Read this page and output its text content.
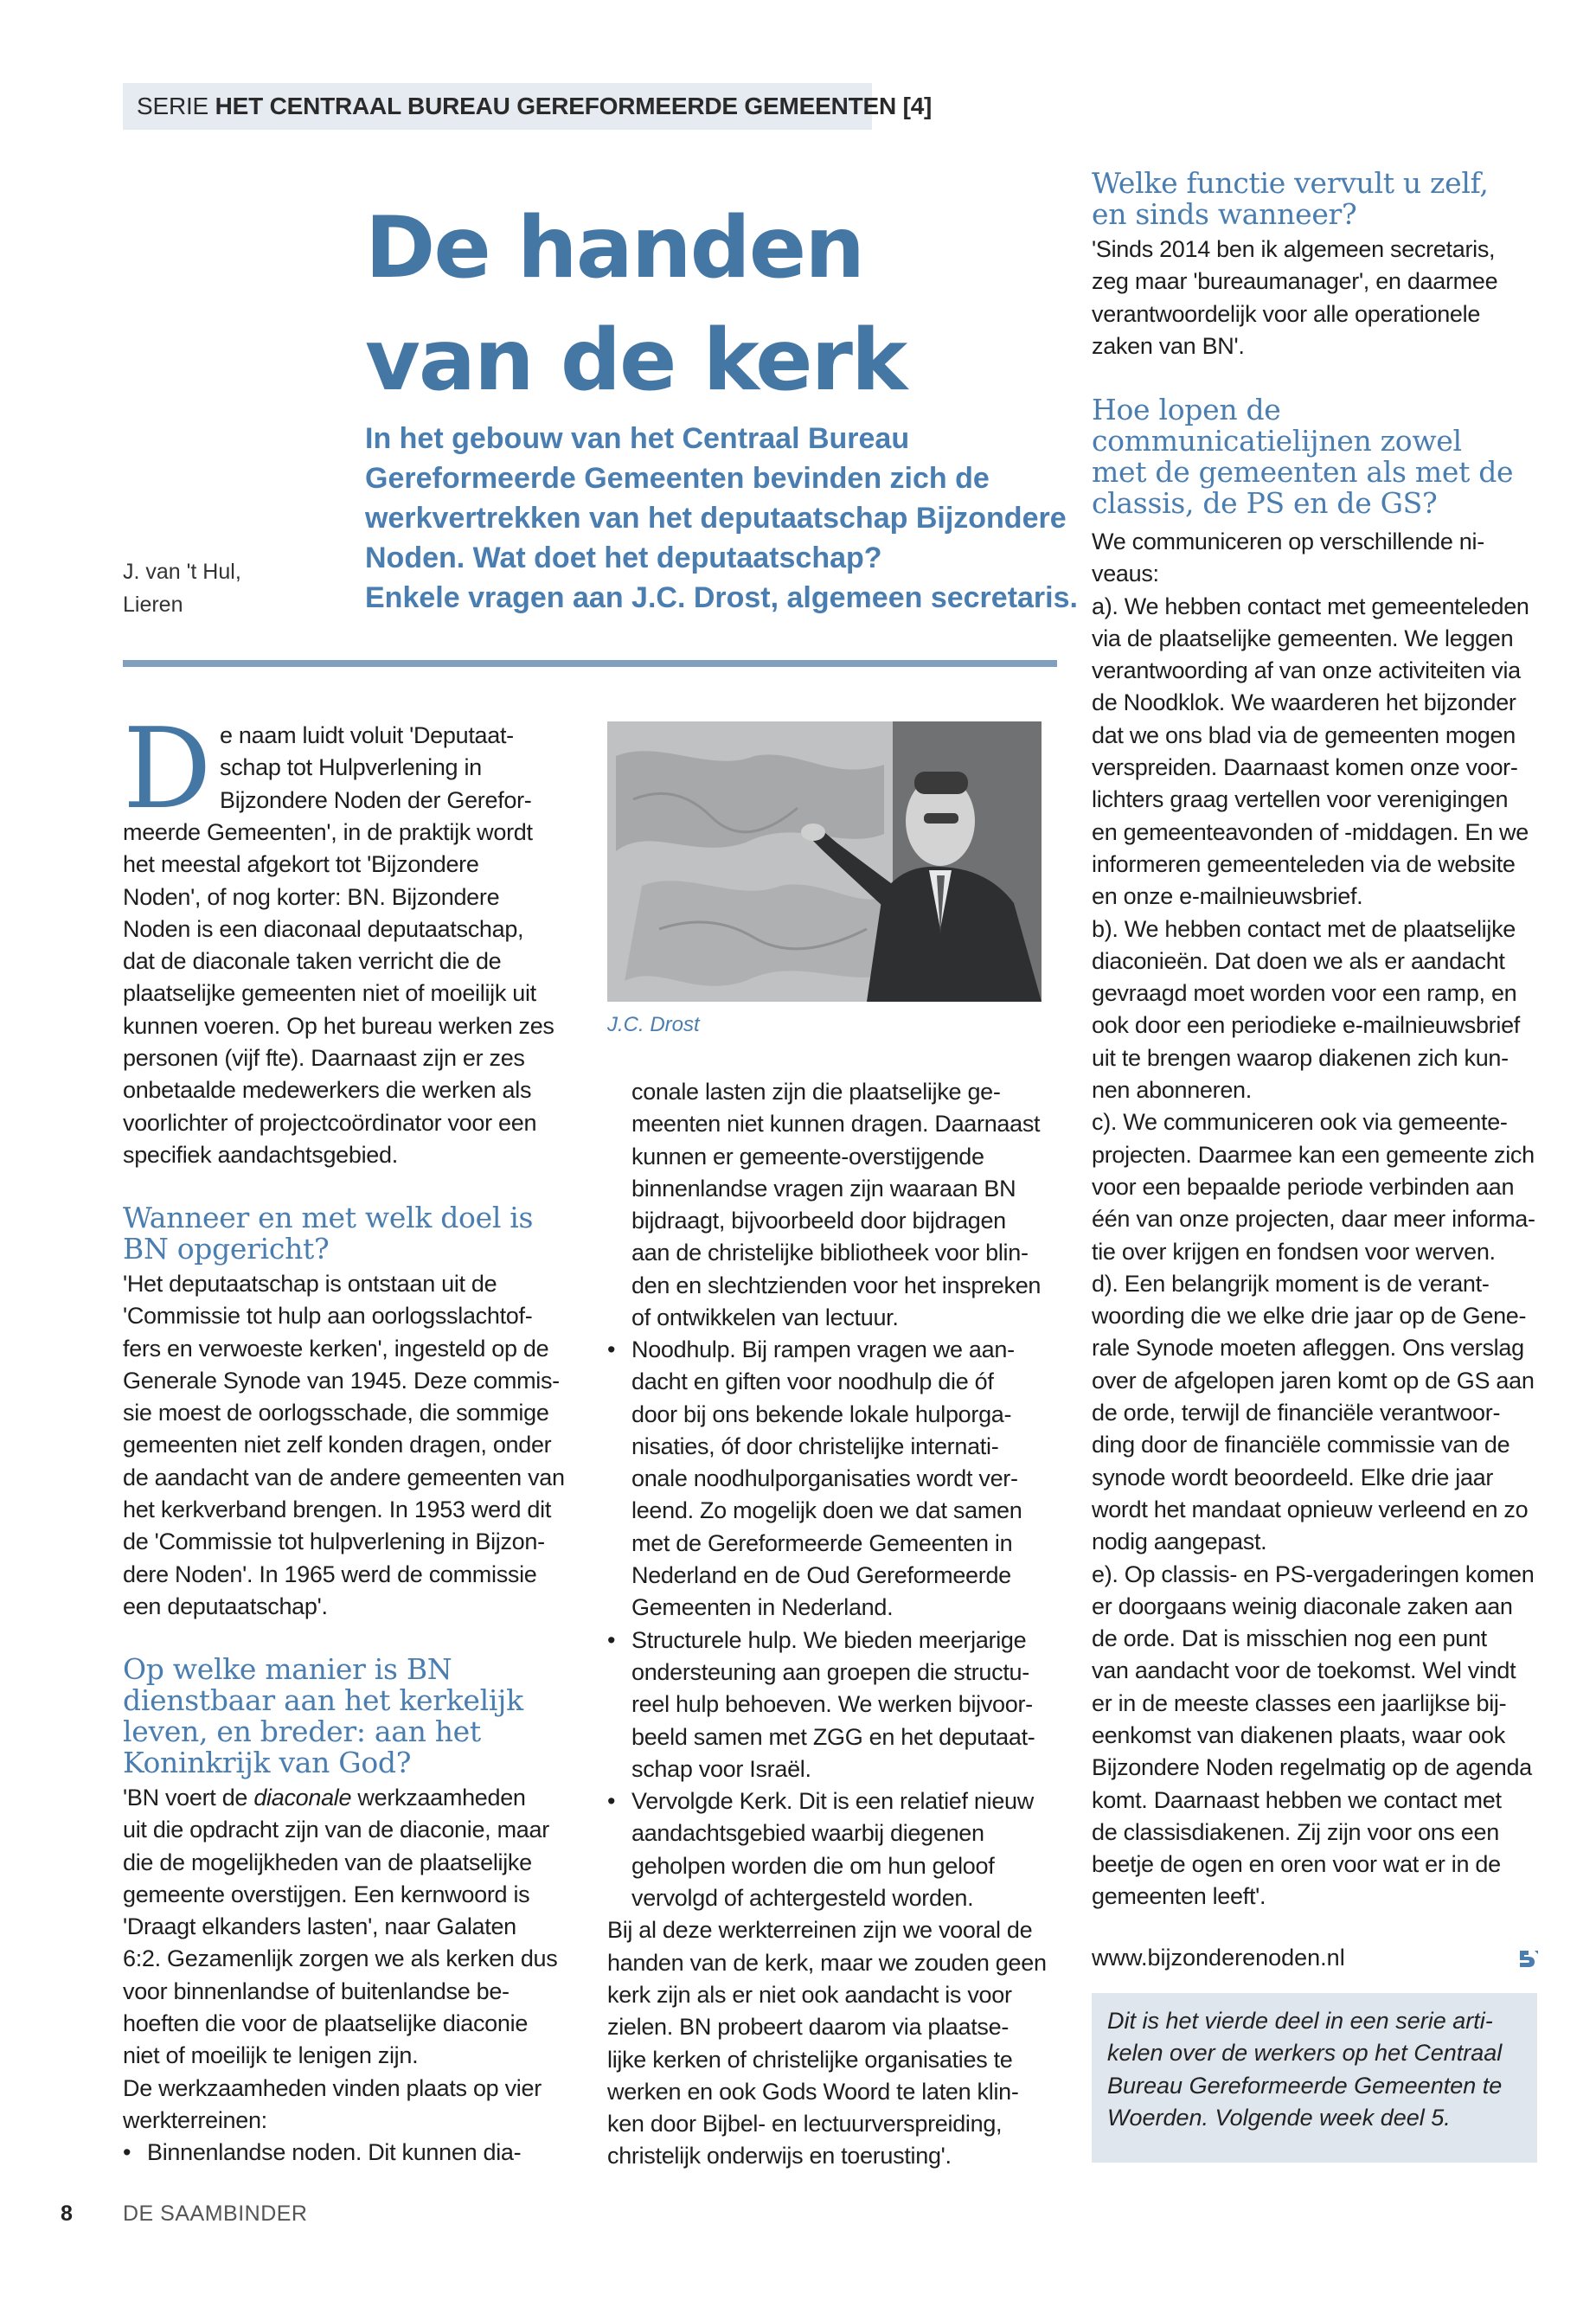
SERIE HET CENTRAAL BUREAU GEREFORMEERDE GEMEENTEN [4]
De handen
van de kerk
In het gebouw van het Centraal Bureau
Gereformeerde Gemeenten bevinden zich de
werkvertrekken van het deputaatschap Bijzondere
Noden. Wat doet het deputaatschap?
Enkele vragen aan J.C. Drost, algemeen secretaris.
J. van 't Hul,
Lieren
D e naam luidt voluit 'Deputaat-
schap tot Hulpverlening in
Bijzondere Noden der Gerefor-
meerde Gemeenten', in de praktijk wordt
het meestal afgekort tot 'Bijzondere
Noden', of nog korter: BN. Bijzondere
Noden is een diaconaal deputaatschap,
dat de diaconale taken verricht die de
plaatselijke gemeenten niet of moeilijk uit
kunnen voeren. Op het bureau werken zes
personen (vijf fte). Daarnaast zijn er zes
onbetaalde medewerkers die werken als
voorlichter of projectcoördinator voor een
specifiek aandachtsgebied.
Wanneer en met welk doel is
BN opgericht?
'Het deputaatschap is ontstaan uit de
'Commissie tot hulp aan oorlogsslachtof-
fers en verwoeste kerken', ingesteld op de
Generale Synode van 1945. Deze commis-
sie moest de oorlogsschade, die sommige
gemeenten niet zelf konden dragen, onder
de aandacht van de andere gemeenten van
het kerkverband brengen. In 1953 werd dit
de 'Commissie tot hulpverlening in Bijzon-
dere Noden'. In 1965 werd de commissie
een deputaatschap'.
Op welke manier is BN
dienstbaar aan het kerkelijk
leven, en breder: aan het
Koninkrijk van God?
'BN voert de diaconale werkzaamheden
uit die opdracht zijn van de diaconie, maar
die de mogelijkheden van de plaatselijke
gemeente overstijgen. Een kernwoord is
'Draagt elkanders lasten', naar Galaten
6:2. Gezamenlijk zorgen we als kerken dus
voor binnenlandse of buitenlandse be-
hoeften die voor de plaatselijke diaconie
niet of moeilijk te lenigen zijn.
De werkzaamheden vinden plaats op vier
werkterreinen:
• Binnenlandse noden. Dit kunnen dia-
J.C. Drost
conale lasten zijn die plaatselijke ge-
meenten niet kunnen dragen. Daarnaast
kunnen er gemeente-overstijgende
binnenlandse vragen zijn waaraan BN
bijdraagt, bijvoorbeeld door bijdragen
aan de christelijke bibliotheek voor blin-
den en slechtzienden voor het inspreken
of ontwikkelen van lectuur.
• Noodhulp. Bij rampen vragen we aan-
dacht en giften voor noodhulp die óf
door bij ons bekende lokale hulporga-
nisaties, óf door christelijke internati-
onale noodhulporganisaties wordt ver-
leend. Zo mogelijk doen we dat samen
met de Gereformeerde Gemeenten in
Nederland en de Oud Gereformeerde
Gemeenten in Nederland.
• Structurele hulp. We bieden meerjarige
ondersteuning aan groepen die structu-
reel hulp behoeven. We werken bijvoor-
beeld samen met ZGG en het deputaat-
schap voor Israël.
• Vervolgde Kerk. Dit is een relatief nieuw
aandachtsgebied waarbij diegenen
geholpen worden die om hun geloof
vervolgd of achtergesteld worden.
Bij al deze werkterreinen zijn we vooral de
handen van de kerk, maar we zouden geen
kerk zijn als er niet ook aandacht is voor
zielen. BN probeert daarom via plaatse-
lijke kerken of christelijke organisaties te
werken en ook Gods Woord te laten klin-
ken door Bijbel- en lectuurverspreiding,
christelijk onderwijs en toerusting'.
Welke functie vervult u zelf,
en sinds wanneer?
'Sinds 2014 ben ik algemeen secretaris,
zeg maar 'bureaumanager', en daarmee
verantwoordelijk voor alle operationele
zaken van BN'.
Hoe lopen de
communicatielijnen zowel
met de gemeenten als met de
classis, de PS en de GS?
We communiceren op verschillende ni-
veaus:
a). We hebben contact met gemeenteleden
via de plaatselijke gemeenten. We leggen
verantwoording af van onze activiteiten via
de Noodklok. We waarderen het bijzonder
dat we ons blad via de gemeenten mogen
verspreiden. Daarnaast komen onze voor-
lichters graag vertellen voor verenigingen
en gemeenteavonden of -middagen. En we
informeren gemeenteleden via de website
en onze e-mailnieuwsbrief.
b). We hebben contact met de plaatselijke
diaconieën. Dat doen we als er aandacht
gevraagd moet worden voor een ramp, en
ook door een periodieke e-mailnieuwsbrief
uit te brengen waarop diakenen zich kun-
nen abonneren.
c). We communiceren ook via gemeente-
projecten. Daarmee kan een gemeente zich
voor een bepaalde periode verbinden aan
één van onze projecten, daar meer informa-
tie over krijgen en fondsen voor werven.
d). Een belangrijk moment is de verant-
woording die we elke drie jaar op de Gene-
rale Synode moeten afleggen. Ons verslag
over de afgelopen jaren komt op de GS aan
de orde, terwijl de financiële verantwoor-
ding door de financiële commissie van de
synode wordt beoordeeld. Elke drie jaar
wordt het mandaat opnieuw verleend en zo
nodig aangepast.
e). Op classis- en PS-vergaderingen komen
er doorgaans weinig diaconale zaken aan
de orde. Dat is misschien nog een punt
van aandacht voor de toekomst. Wel vindt
er in de meeste classes een jaarlijkse bij-
eenkomst van diakenen plaats, waar ook
Bijzondere Noden regelmatig op de agenda
komt. Daarnaast hebben we contact met
de classisdiakenen. Zij zijn voor ons een
beetje de ogen en oren voor wat er in de
gemeenten leeft'.
www.bijzonderenoden.nl
Dit is het vierde deel in een serie arti-
kelen over de werkers op het Centraal
Bureau Gereformeerde Gemeenten te
Woerden. Volgende week deel 5.
8 DE SAAMBINDER
